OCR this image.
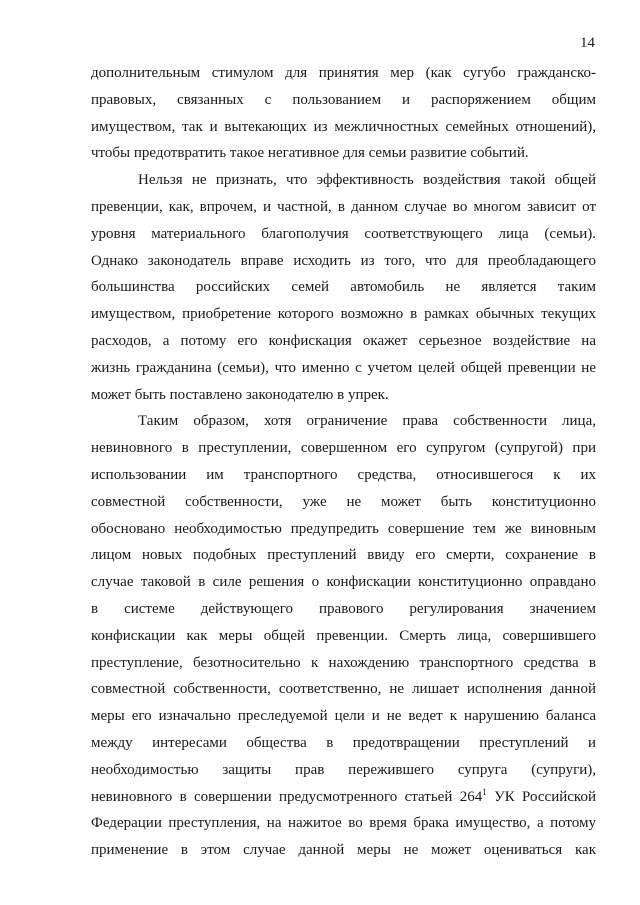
14
дополнительным стимулом для принятия мер (как сугубо гражданско-
правовых, связанных с пользованием и распоряжением общим
имуществом, так и вытекающих из межличностных семейных отношений),
чтобы предотвратить такое негативное для семьи развитие событий.
Нельзя не признать, что эффективность воздействия такой общей
превенции, как, впрочем, и частной, в данном случае во многом зависит от
уровня материального благополучия соответствующего лица (семьи).
Однако законодатель вправе исходить из того, что для преобладающего
большинства российских семей автомобиль не является таким
имуществом, приобретение которого возможно в рамках обычных текущих
расходов, а потому его конфискация окажет серьезное воздействие на
жизнь гражданина (семьи), что именно с учетом целей общей превенции не
может быть поставлено законодателю в упрек.
Таким образом, хотя ограничение права собственности лица,
невиновного в преступлении, совершенном его супругом (супругой) при
использовании им транспортного средства, относившегося к их
совместной собственности, уже не может быть конституционно
обосновано необходимостью предупредить совершение тем же виновным
лицом новых подобных преступлений ввиду его смерти, сохранение в
случае таковой в силе решения о конфискации конституционно оправдано
в системе действующего правового регулирования значением
конфискации как меры общей превенции. Смерть лица, совершившего
преступление, безотносительно к нахождению транспортного средства в
совместной собственности, соответственно, не лишает исполнения данной
меры его изначально преследуемой цели и не ведет к нарушению баланса
между интересами общества в предотвращении преступлений и
необходимостью защиты прав пережившего супруга (супруги),
невиновного в совершении предусмотренного статьей $264^1$ УК Российской
Федерации преступления, на нажитое во время брака имущество, а потому
применение в этом случае данной меры не может оцениваться как
